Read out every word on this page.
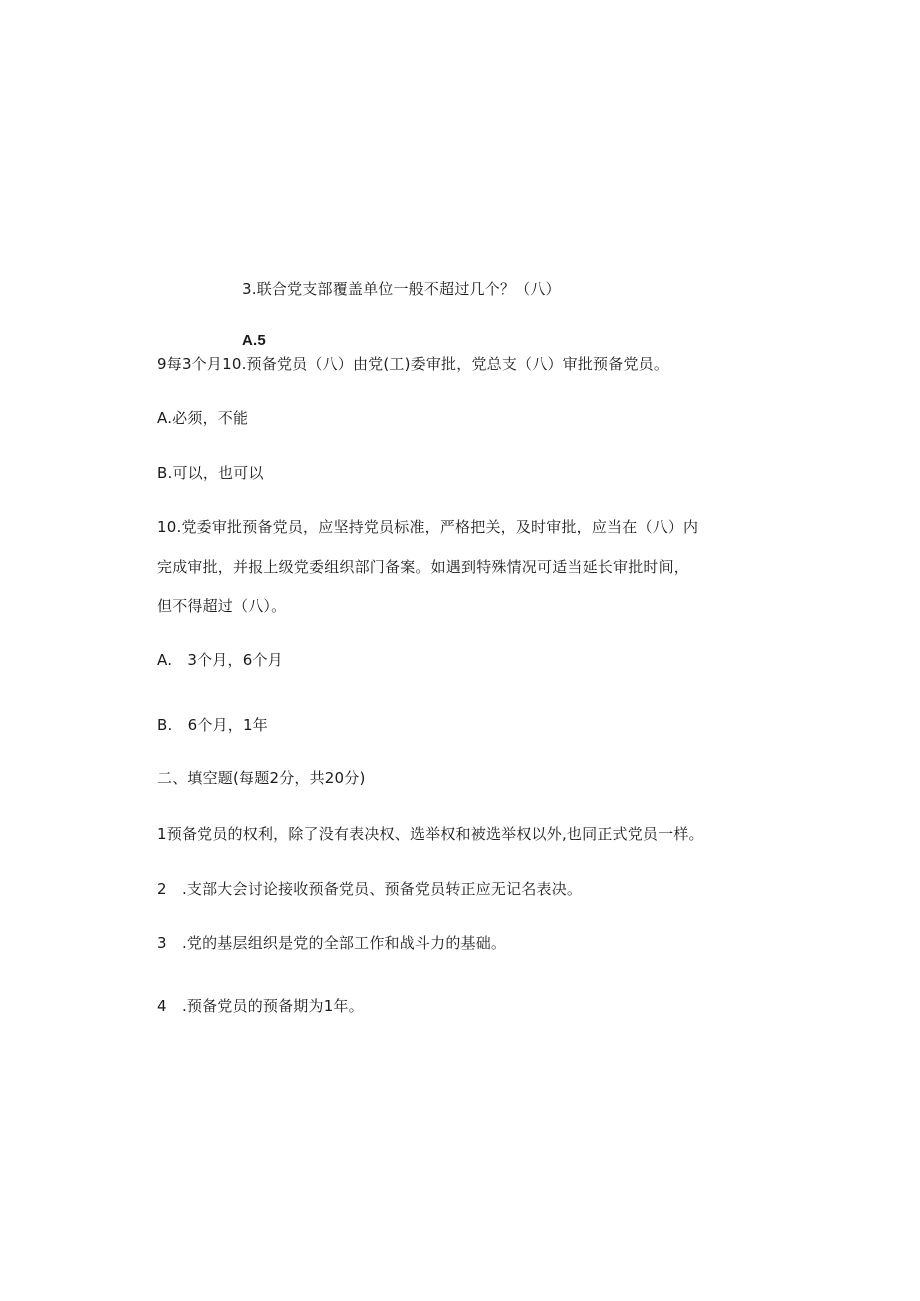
3.联合党支部覆盖单位一般不超过几个？（八）
A.5
9每3个月10.预备党员（八）由党(工)委审批，党总支（八）审批预备党员。
A.必须，不能
B.可以，也可以
10.党委审批预备党员，应坚持党员标准，严格把关，及时审批，应当在（八）内
完成审批，并报上级党委组织部门备案。如遇到特殊情况可适当延长审批时间，
但不得超过（八）。
A.　3个月，6个月
B.　6个月，1年
二、填空题(每题2分，共20分)
1预备党员的权利，除了没有表决权、选举权和被选举权以外,也同正式党员一样。
2　.支部大会讨论接收预备党员、预备党员转正应无记名表决。
3　.党的基层组织是党的全部工作和战斗力的基础。
4　.预备党员的预备期为1年。
